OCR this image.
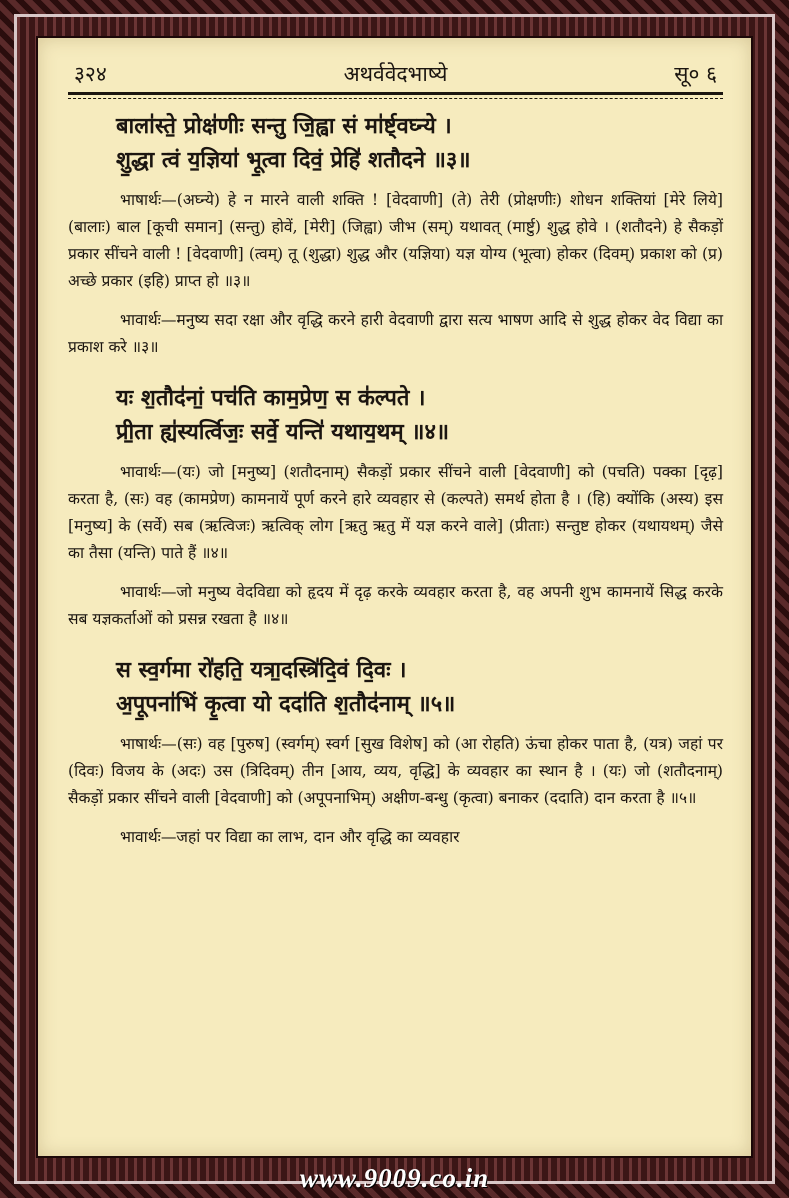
३२४	अथर्ववेदभाष्ये	सू० ६

बाला॑स्ते॒ प्रोक्ष॑णीः सन्तु जि॒ह्वा सं मा॑र्ष्ट्वघ्न्ये ।

शु॒द्धा त्वं य॒ज्ञिया॑ भू॒त्वा दिवं॒ प्रेहि॑ शतौदने ॥३॥

भाषार्थः—(अघ्न्ये) हे न मारने वाली शक्ति ! [वेदवाणी] (ते) तेरी (प्रोक्षणीः) शोधन शक्तियां [मेरे लिये] (बालाः) बाल [कूची समान] (सन्तु) होवें, [मेरी] (जिह्वा) जीभ (सम्) यथावत् (मार्ष्टु) शुद्ध होवे । (शतौदने) हे सैकड़ों प्रकार सींचने वाली ! [वेदवाणी] (त्वम्) तू (शुद्धा) शुद्ध और (यज्ञिया) यज्ञ योग्य (भूत्वा) होकर (दिवम्) प्रकाश को (प्र) अच्छे प्रकार (इहि) प्राप्त हो ॥३॥

भावार्थः—मनुष्य सदा रक्षा और वृद्धि करने हारी वेदवाणी द्वारा सत्य भाषण आदि से शुद्ध होकर वेद विद्या का प्रकाश करे ॥३॥

यः श॒तौद॑नां॒ पच॑ति काम॒प्रेण॒ स क॑ल्पते ।

प्री॒ता ह्य॑स्यर्त्विजः॒ सर्वे॒ यन्ति॑ यथाय॒थम् ॥४॥

भावार्थः—(यः) जो [मनुष्य] (शतौदनाम्) सैकड़ों प्रकार सींचने वाली [वेदवाणी] को (पचति) पक्का [दृढ़] करता है, (सः) वह (कामप्रेण) कामनायें पूर्ण करने हारे व्यवहार से (कल्पते) समर्थ होता है । (हि) क्योंकि (अस्य) इस [मनुष्य] के (सर्वे) सब (ऋत्विजः) ऋत्विक् लोग [ऋतु ऋतु में यज्ञ करने वाले] (प्रीताः) सन्तुष्ट होकर (यथायथम्) जैसे का तैसा (यन्ति) पाते हैं ॥४॥

भावार्थः—जो मनुष्य वेदविद्या को हृदय में दृढ़ करके व्यवहार करता है, वह अपनी शुभ कामनायें सिद्ध करके सब यज्ञकर्ताओं को प्रसन्न रखता है ॥४॥

स स्व॒र्गमा रो॑हति॒ यत्रा॒दस्त्रि॑दि॒वं दि॒वः ।

अ॒पू॒पना॑भिं कृ॒त्वा यो ददा॑ति श॒तौद॑नाम् ॥५॥

भाषार्थः—(सः) वह [पुरुष] (स्वर्गम्) स्वर्ग [सुख विशेष] को (आ रोहति) ऊंचा होकर पाता है, (यत्र) जहां पर (दिवः) विजय के (अदः) उस (त्रिदिवम्) तीन [आय, व्यय, वृद्धि] के व्यवहार का स्थान है । (यः) जो (शतौदनाम्) सैकड़ों प्रकार सींचने वाली [वेदवाणी] को (अपूपनाभिम्) अक्षीण-बन्धु (कृत्वा) बनाकर (ददाति) दान करता है ॥५॥

भावार्थः—जहां पर विद्या का लाभ, दान और वृद्धि का व्यवहार

www.9009.co.in
